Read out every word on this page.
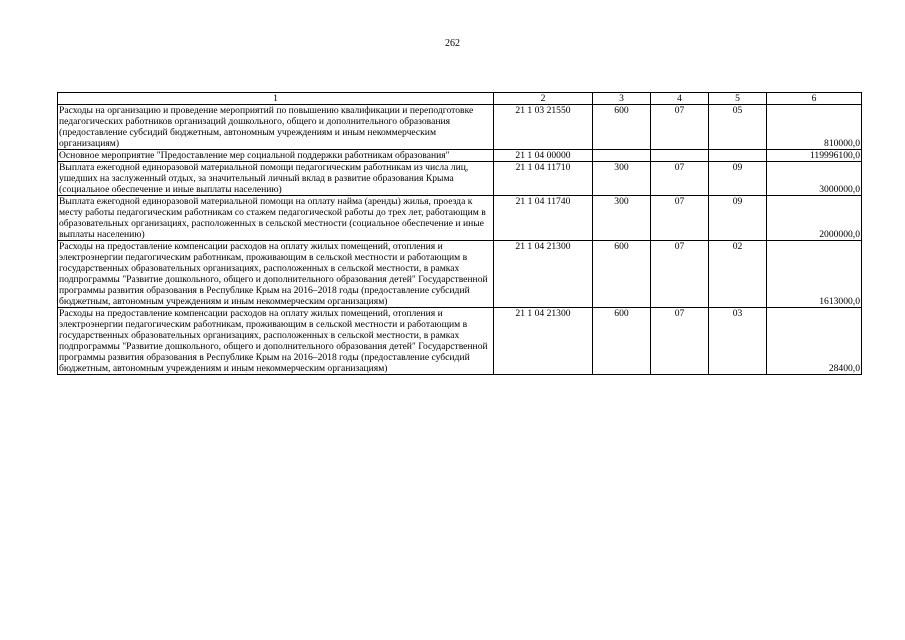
262
1	2	3	4	5	6
Расходы на организацию и проведение мероприятий по повышению квалификации и переподготовке педагогических работников организаций дошкольного, общего и дополнительного образования (предоставление субсидий бюджетным, автономным учреждениям и иным некоммерческим организациям)	21 1 03 21550	600	07	05	810000,0
Основное мероприятие "Предоставление мер социальной поддержки работникам образования"	21 1 04 00000				119996100,0
Выплата ежегодной единоразовой материальной помощи педагогическим работникам из числа лиц, ушедших на заслуженный отдых, за значительный личный вклад в развитие образования Крыма (социальное обеспечение и иные выплаты населению)	21 1 04 11710	300	07	09	3000000,0
Выплата ежегодной единоразовой материальной помощи на оплату найма (аренды) жилья, проезда к месту работы педагогическим работникам со стажем педагогической работы до трех лет, работающим в образовательных организациях, расположенных в сельской местности (социальное обеспечение и иные выплаты населению)	21 1 04 11740	300	07	09	2000000,0
Расходы на предоставление компенсации расходов на оплату жилых помещений, отопления и электроэнергии педагогическим работникам, проживающим в сельской местности и работающим в государственных образовательных организациях, расположенных в сельской местности, в рамках подпрограммы "Развитие дошкольного, общего и дополнительного образования детей" Государственной программы развития образования в Республике Крым на 2016–2018 годы (предоставление субсидий бюджетным, автономным учреждениям и иным некоммерческим организациям)	21 1 04 21300	600	07	02	1613000,0
Расходы на предоставление компенсации расходов на оплату жилых помещений, отопления и электроэнергии педагогическим работникам, проживающим в сельской местности и работающим в государственных образовательных организациях, расположенных в сельской местности, в рамках подпрограммы "Развитие дошкольного, общего и дополнительного образования детей" Государственной программы развития образования в Республике Крым на 2016–2018 годы (предоставление субсидий бюджетным, автономным учреждениям и иным некоммерческим организациям)	21 1 04 21300	600	07	03	28400,0
